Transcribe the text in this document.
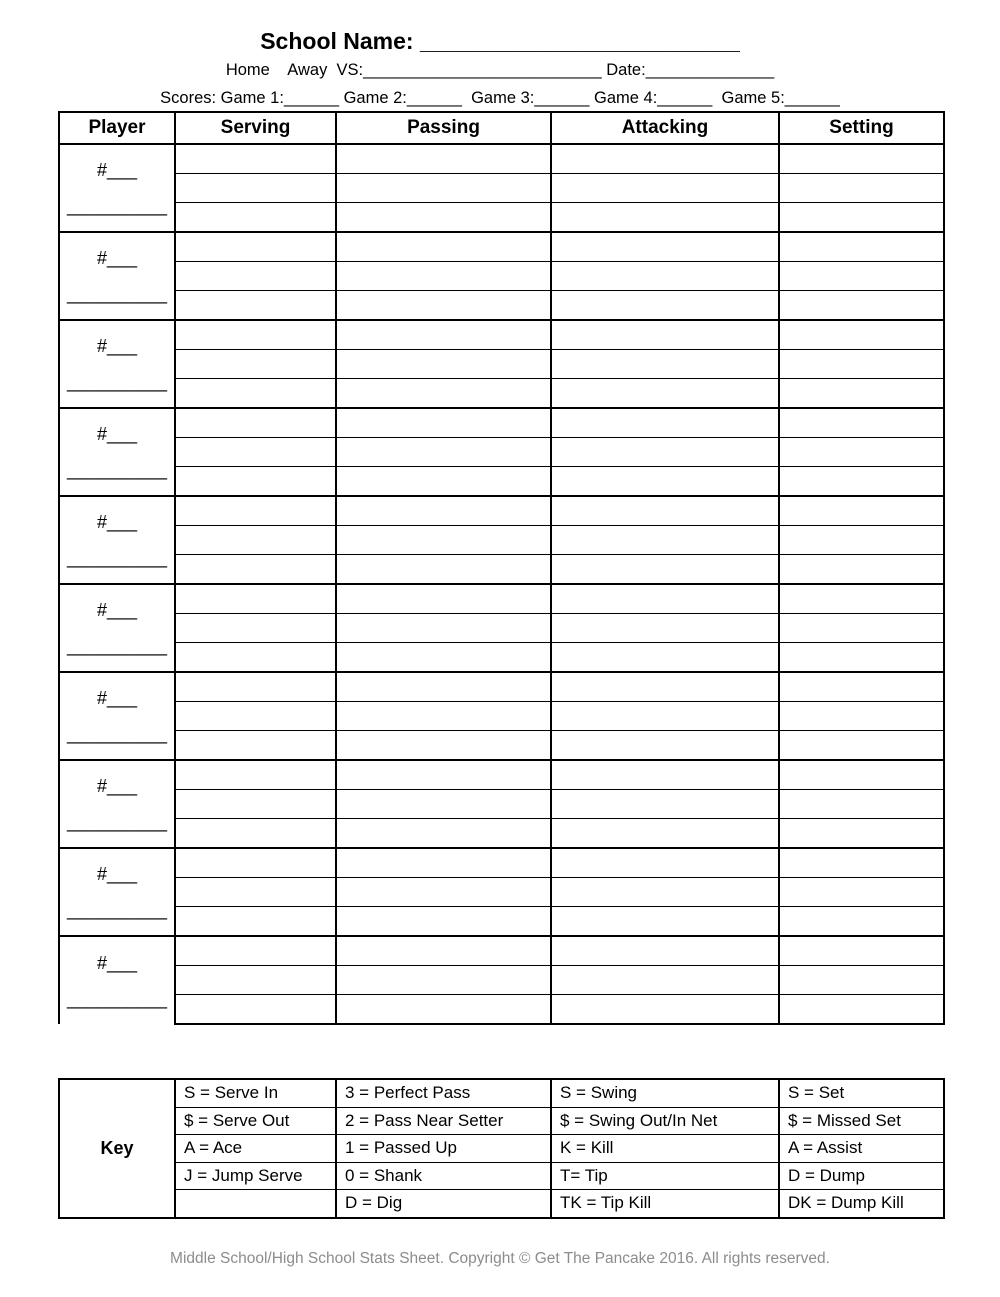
School Name: _________________________
Home    Away  VS:__________________________ Date:______________
Scores: Game 1:______ Game 2:______  Game 3:______ Game 4:______  Game 5:______
Player	Serving	Passing	Attacking	Setting

#___
__________				

#___
__________				

#___
__________				

#___
__________				

#___
__________				

#___
__________				

#___
__________				

#___
__________				

#___
__________				

#___
__________				

Key	S = Serve In	3 = Perfect Pass	S = Swing	S = Set
	$ = Serve Out	2 = Pass Near Setter	$ = Swing Out/In Net	$ = Missed Set
	A = Ace	1 = Passed Up	K = Kill	A = Assist
	J = Jump Serve	0 = Shank	T= Tip	D = Dump
		D = Dig	TK = Tip Kill	DK = Dump Kill
Middle School/High School Stats Sheet. Copyright © Get The Pancake 2016. All rights reserved.
